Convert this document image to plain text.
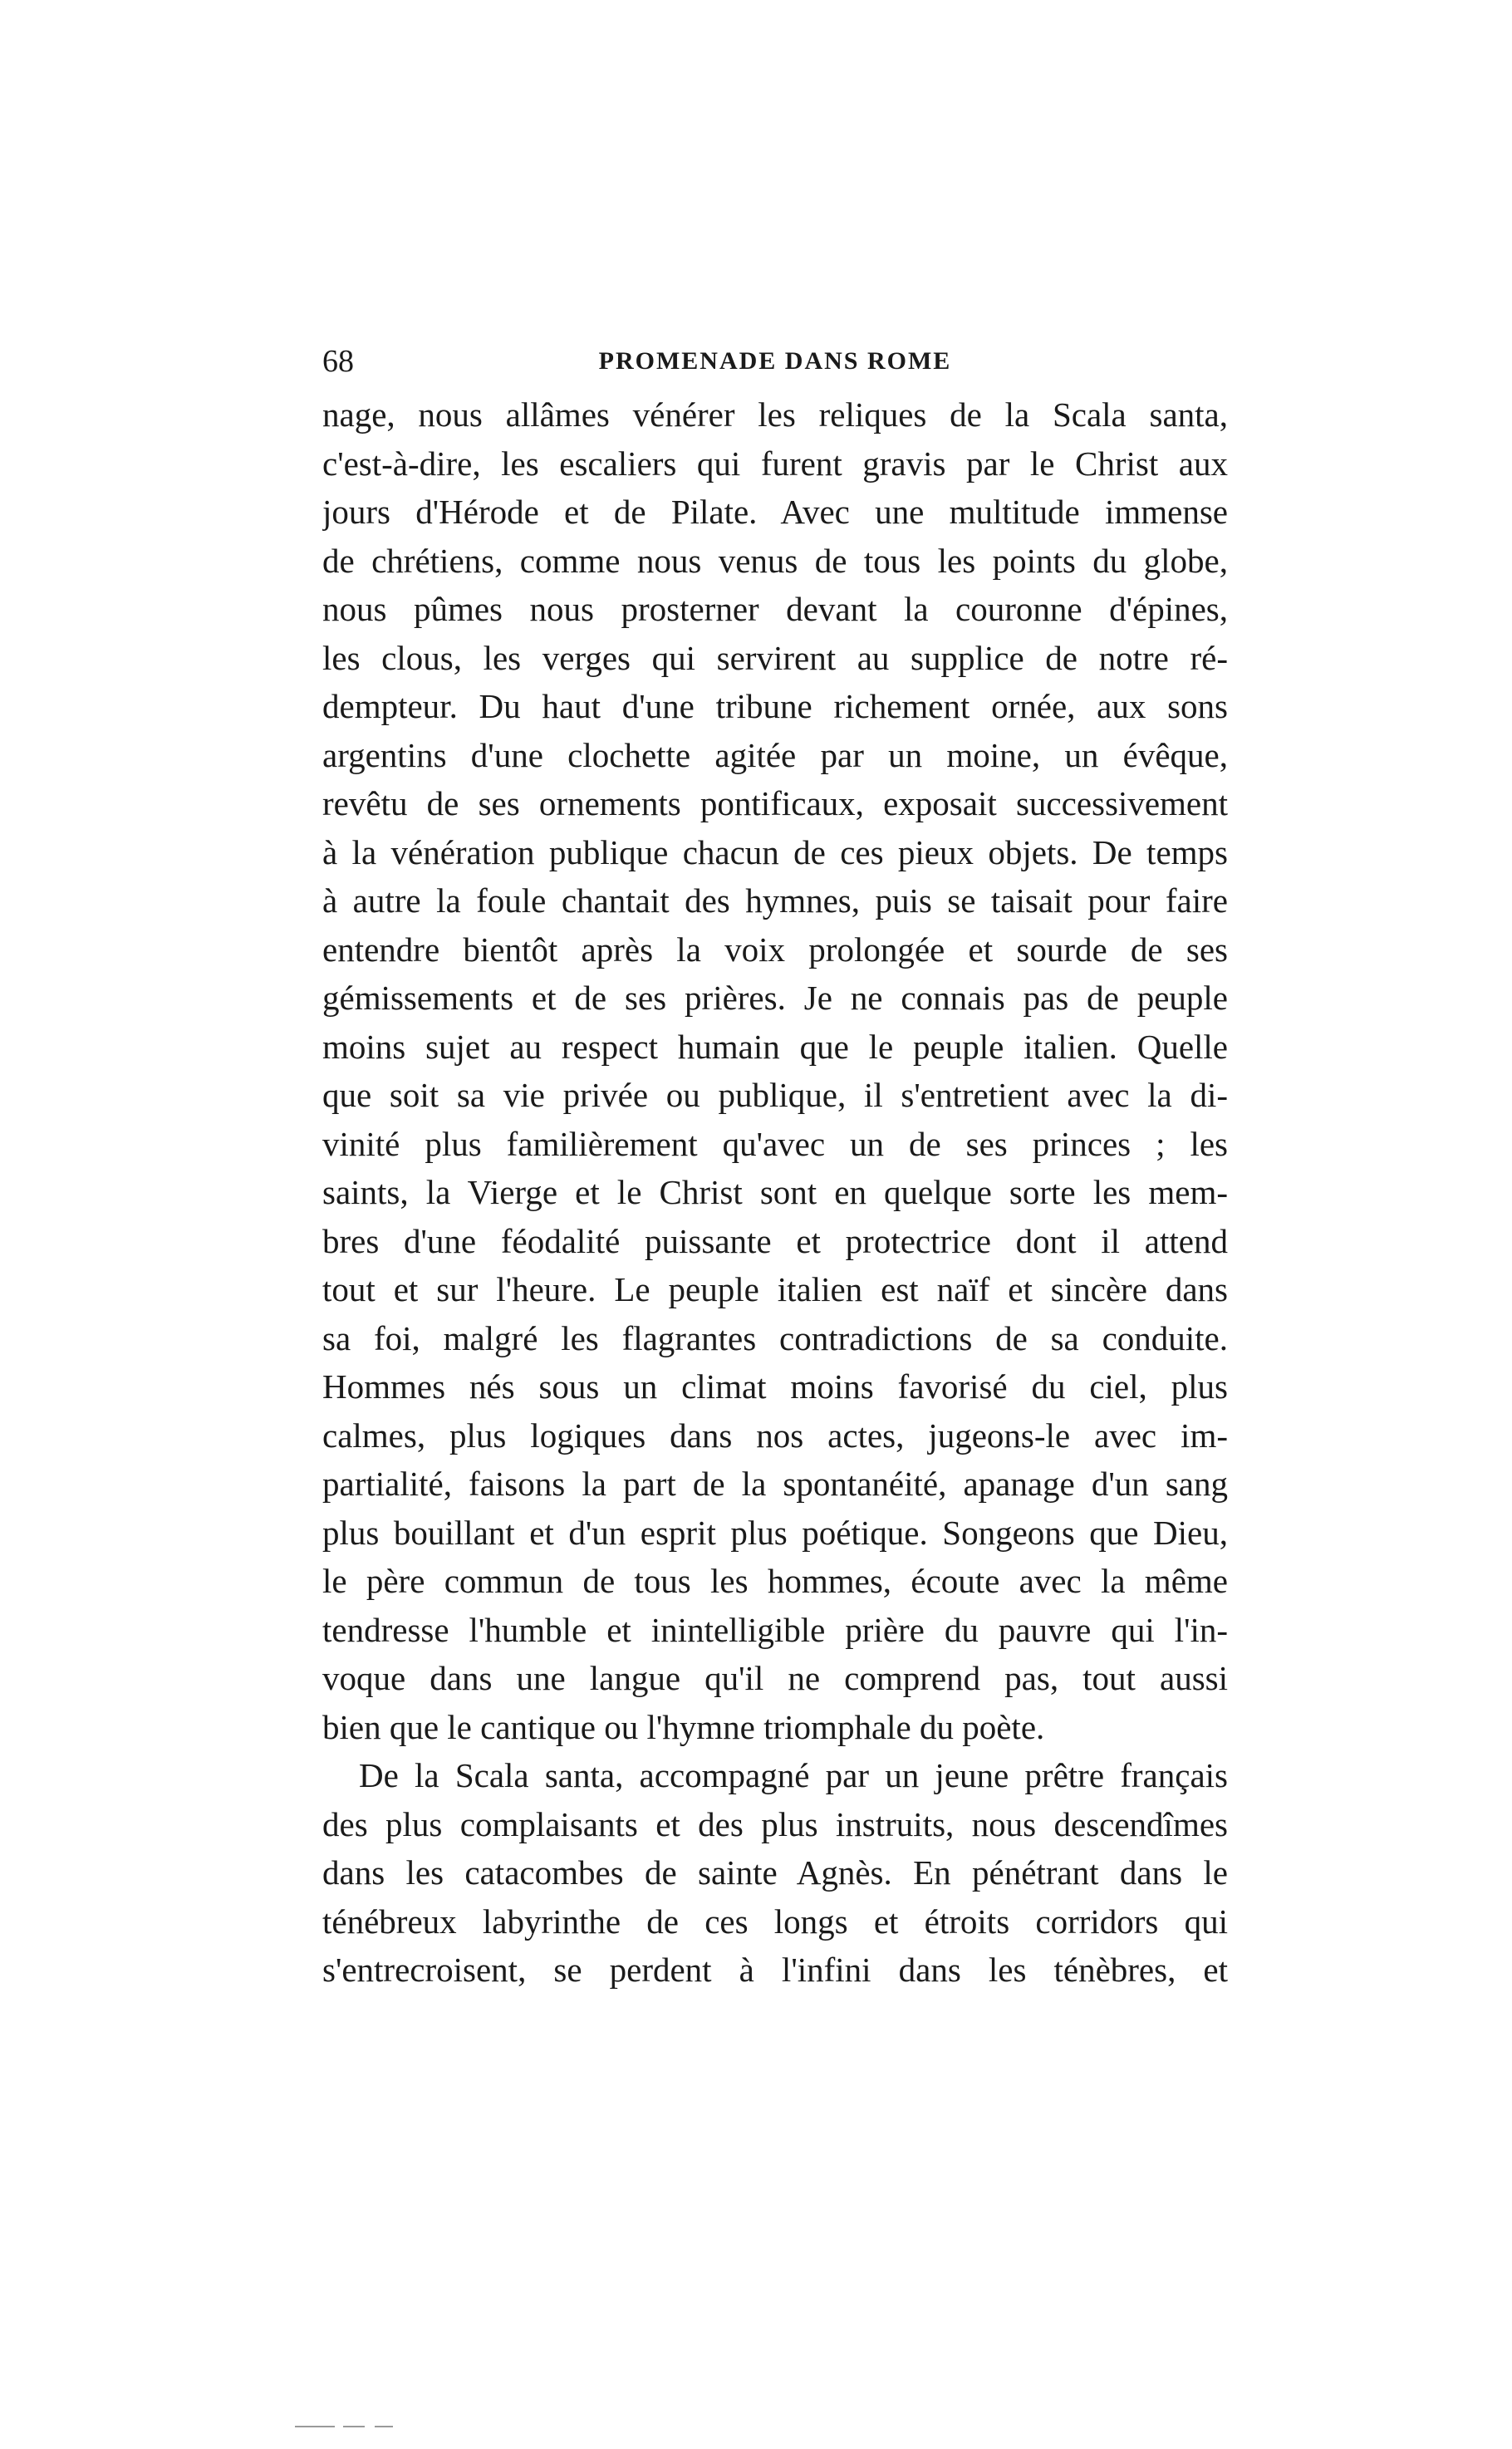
68	PROMENADE DANS ROME
nage, nous allâmes vénérer les reliques de la Scala santa,
c'est-à-dire, les escaliers qui furent gravis par le Christ aux
jours d'Hérode et de Pilate. Avec une multitude immense
de chrétiens, comme nous venus de tous les points du globe,
nous pûmes nous prosterner devant la couronne d'épines,
les clous, les verges qui servirent au supplice de notre ré-
dempteur. Du haut d'une tribune richement ornée, aux sons
argentins d'une clochette agitée par un moine, un évêque,
revêtu de ses ornements pontificaux, exposait successivement
à la vénération publique chacun de ces pieux objets. De temps
à autre la foule chantait des hymnes, puis se taisait pour faire
entendre bientôt après la voix prolongée et sourde de ses
gémissements et de ses prières. Je ne connais pas de peuple
moins sujet au respect humain que le peuple italien. Quelle
que soit sa vie privée ou publique, il s'entretient avec la di-
vinité plus familièrement qu'avec un de ses princes ; les
saints, la Vierge et le Christ sont en quelque sorte les mem-
bres d'une féodalité puissante et protectrice dont il attend
tout et sur l'heure. Le peuple italien est naïf et sincère dans
sa foi, malgré les flagrantes contradictions de sa conduite.
Hommes nés sous un climat moins favorisé du ciel, plus
calmes, plus logiques dans nos actes, jugeons-le avec im-
partialité, faisons la part de la spontanéité, apanage d'un sang
plus bouillant et d'un esprit plus poétique. Songeons que Dieu,
le père commun de tous les hommes, écoute avec la même
tendresse l'humble et inintelligible prière du pauvre qui l'in-
voque dans une langue qu'il ne comprend pas, tout aussi
bien que le cantique ou l'hymne triomphale du poète.
De la Scala santa, accompagné par un jeune prêtre français
des plus complaisants et des plus instruits, nous descendîmes
dans les catacombes de sainte Agnès. En pénétrant dans le
ténébreux labyrinthe de ces longs et étroits corridors qui
s'entrecroisent, se perdent à l'infini dans les ténèbres, et
